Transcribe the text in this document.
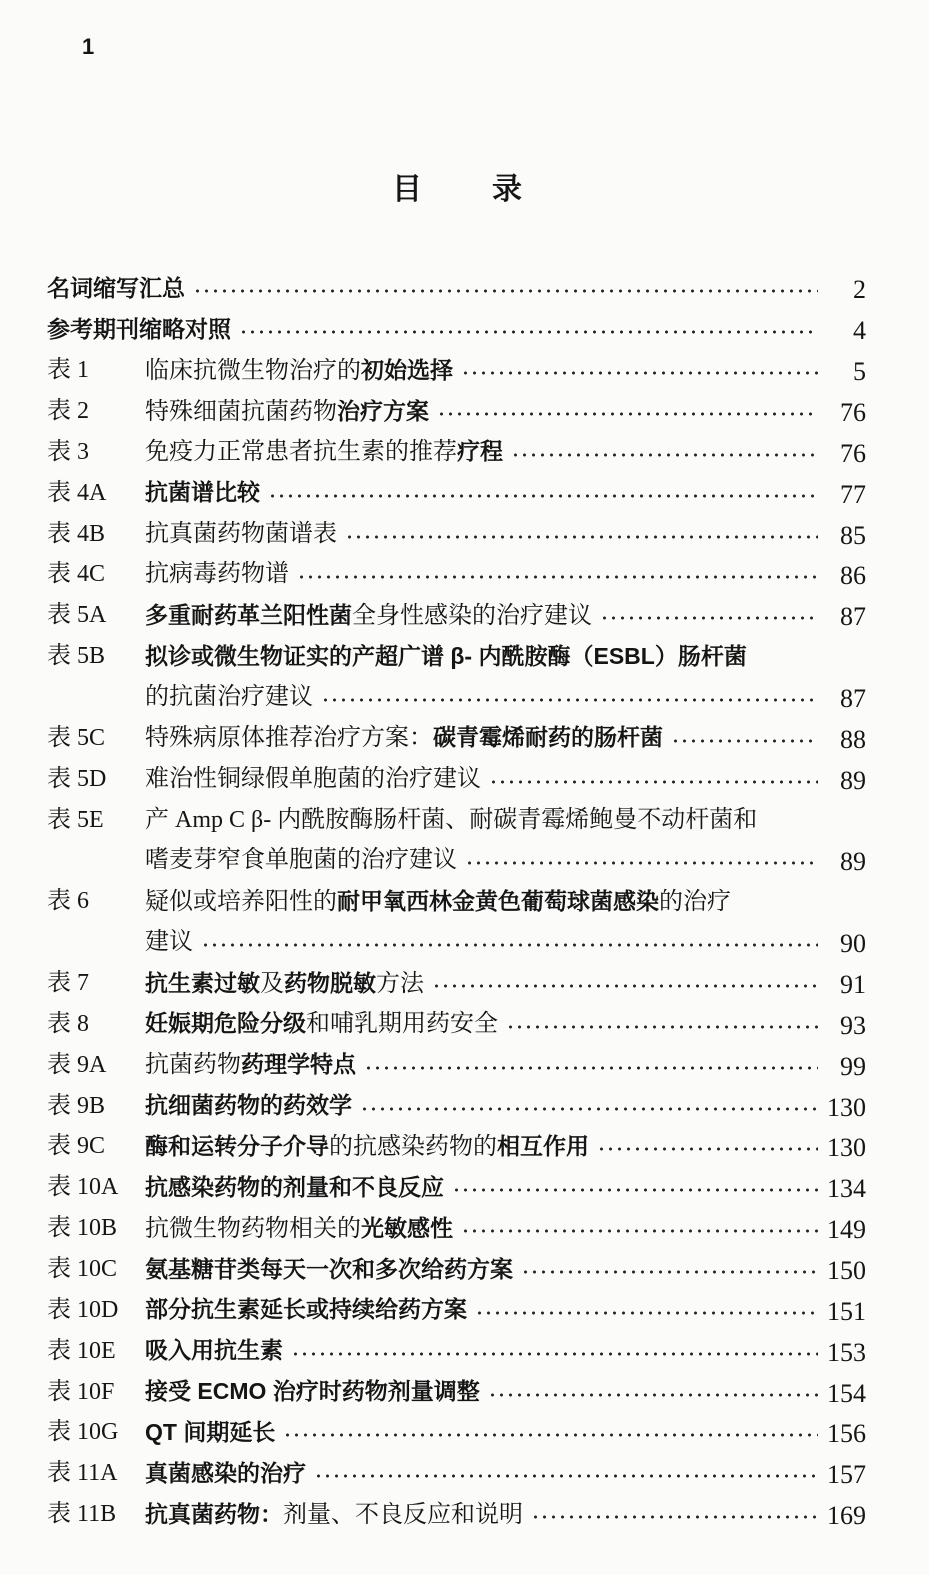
1
目　录
名词缩写汇总	2
参考期刊缩略对照	4
表 1	临床抗微生物治疗的初始选择	5
表 2	特殊细菌抗菌药物治疗方案	76
表 3	免疫力正常患者抗生素的推荐疗程	76
表 4A	抗菌谱比较	77
表 4B	抗真菌药物菌谱表	85
表 4C	抗病毒药物谱	86
表 5A	多重耐药革兰阳性菌全身性感染的治疗建议	87
表 5B	拟诊或微生物证实的产超广谱 β- 内酰胺酶（ESBL）肠杆菌
的抗菌治疗建议	87
表 5C	特殊病原体推荐治疗方案：碳青霉烯耐药的肠杆菌	88
表 5D	难治性铜绿假单胞菌的治疗建议	89
表 5E	产 Amp C β- 内酰胺酶肠杆菌、耐碳青霉烯鲍曼不动杆菌和
嗜麦芽窄食单胞菌的治疗建议	89
表 6	疑似或培养阳性的耐甲氧西林金黄色葡萄球菌感染的治疗
建议	90
表 7	抗生素过敏及药物脱敏方法	91
表 8	妊娠期危险分级和哺乳期用药安全	93
表 9A	抗菌药物药理学特点	99
表 9B	抗细菌药物的药效学	130
表 9C	酶和运转分子介导的抗感染药物的相互作用	130
表 10A	抗感染药物的剂量和不良反应	134
表 10B	抗微生物药物相关的光敏感性	149
表 10C	氨基糖苷类每天一次和多次给药方案	150
表 10D	部分抗生素延长或持续给药方案	151
表 10E	吸入用抗生素	153
表 10F	接受 ECMO 治疗时药物剂量调整	154
表 10G	QT 间期延长	156
表 11A	真菌感染的治疗	157
表 11B	抗真菌药物：剂量、不良反应和说明	169
